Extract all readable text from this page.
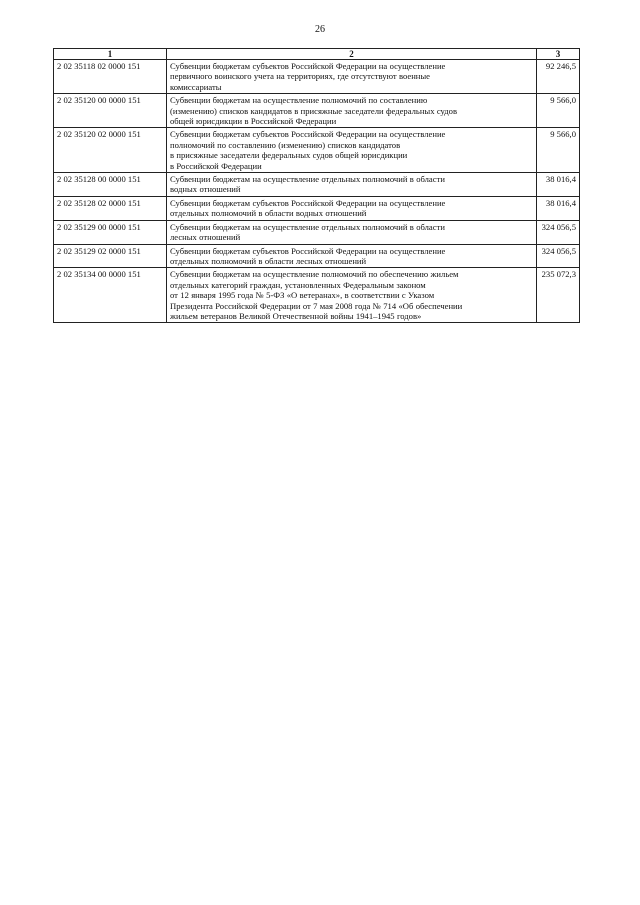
26
1	2	3
2 02 35118 02 0000 151	Субвенции бюджетам субъектов Российской Федерации на осуществление
первичного воинского учета на территориях, где отсутствуют военные
комиссариаты	92 246,5
2 02 35120 00 0000 151	Субвенции бюджетам на осуществление полномочий по составлению
(изменению) списков кандидатов в присяжные заседатели федеральных судов
общей юрисдикции в Российской Федерации	9 566,0
2 02 35120 02 0000 151	Субвенции бюджетам субъектов Российской Федерации на осуществление
полномочий по составлению (изменению) списков кандидатов
в присяжные заседатели федеральных судов общей юрисдикции
в Российской Федерации	9 566,0
2 02 35128 00 0000 151	Субвенции бюджетам на осуществление отдельных полномочий в области
водных отношений	38 016,4
2 02 35128 02 0000 151	Субвенции бюджетам субъектов Российской Федерации на осуществление
отдельных полномочий в области водных отношений	38 016,4
2 02 35129 00 0000 151	Субвенции бюджетам на осуществление отдельных полномочий в области
лесных отношений	324 056,5
2 02 35129 02 0000 151	Субвенции бюджетам субъектов Российской Федерации на осуществление
отдельных полномочий в области лесных отношений	324 056,5
2 02 35134 00 0000 151	Субвенции бюджетам на осуществление полномочий по обеспечению жильем
отдельных категорий граждан, установленных Федеральным законом
от 12 января 1995 года № 5-ФЗ «О ветеранах», в соответствии с Указом
Президента Российской Федерации от 7 мая 2008 года № 714 «Об обеспечении
жильем ветеранов Великой Отечественной войны 1941–1945 годов»	235 072,3
